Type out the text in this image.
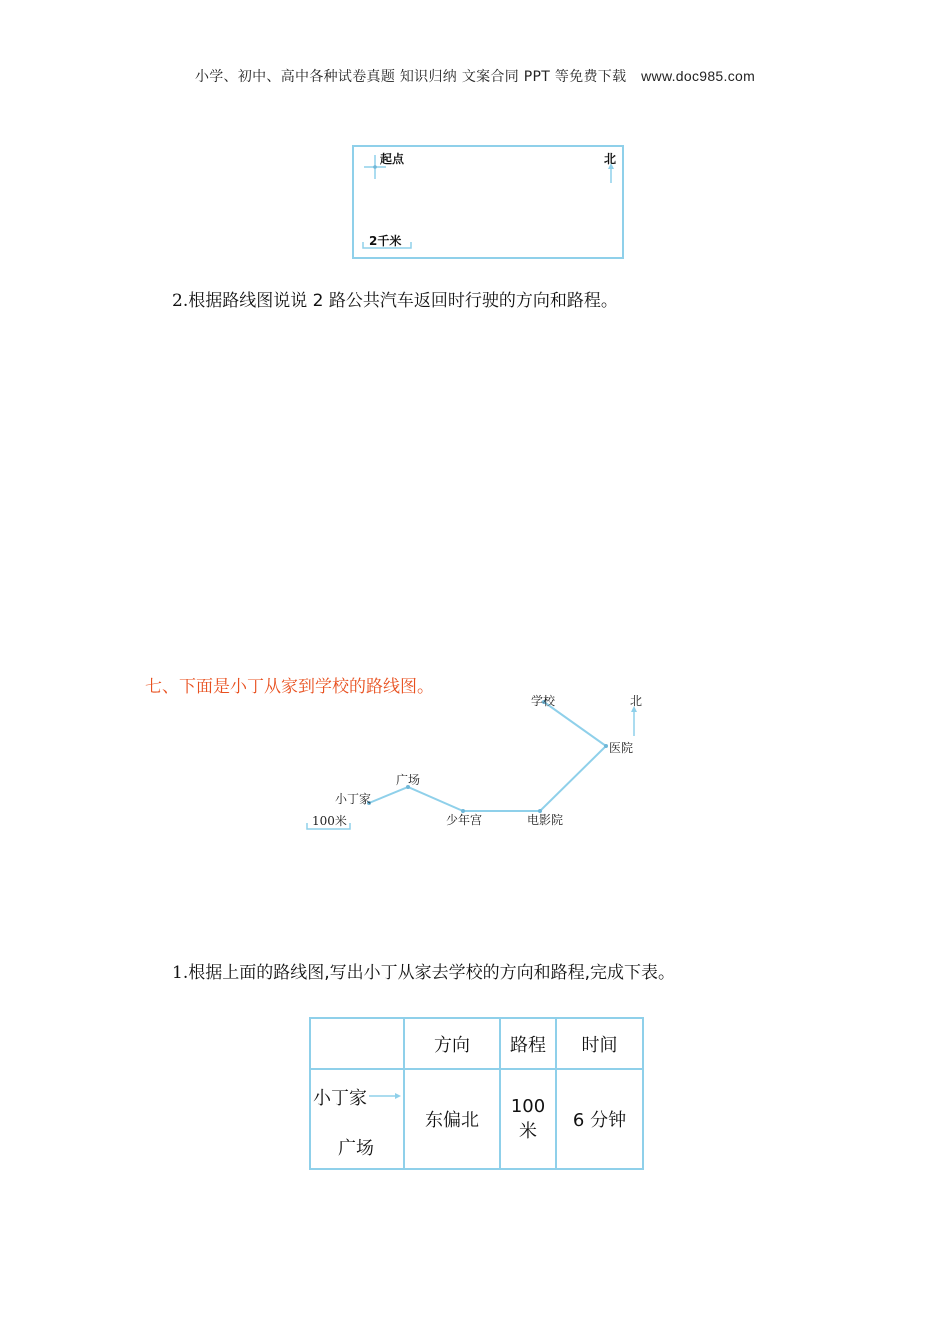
小学、初中、高中各种试卷真题 知识归纳 文案合同 PPT 等免费下载 www.doc985.com
起点	北
2千米
2.根据路线图说说 2 路公共汽车返回时行驶的方向和路程。
七、下面是小丁从家到学校的路线图。
学校	北
医院
广场
小丁家
少年宫	电影院
100米
1.根据上面的路线图,写出小丁从家去学校的方向和路程,完成下表。
	方向	路程	时间

小丁家
广场	东偏北	100 米	6 分钟
